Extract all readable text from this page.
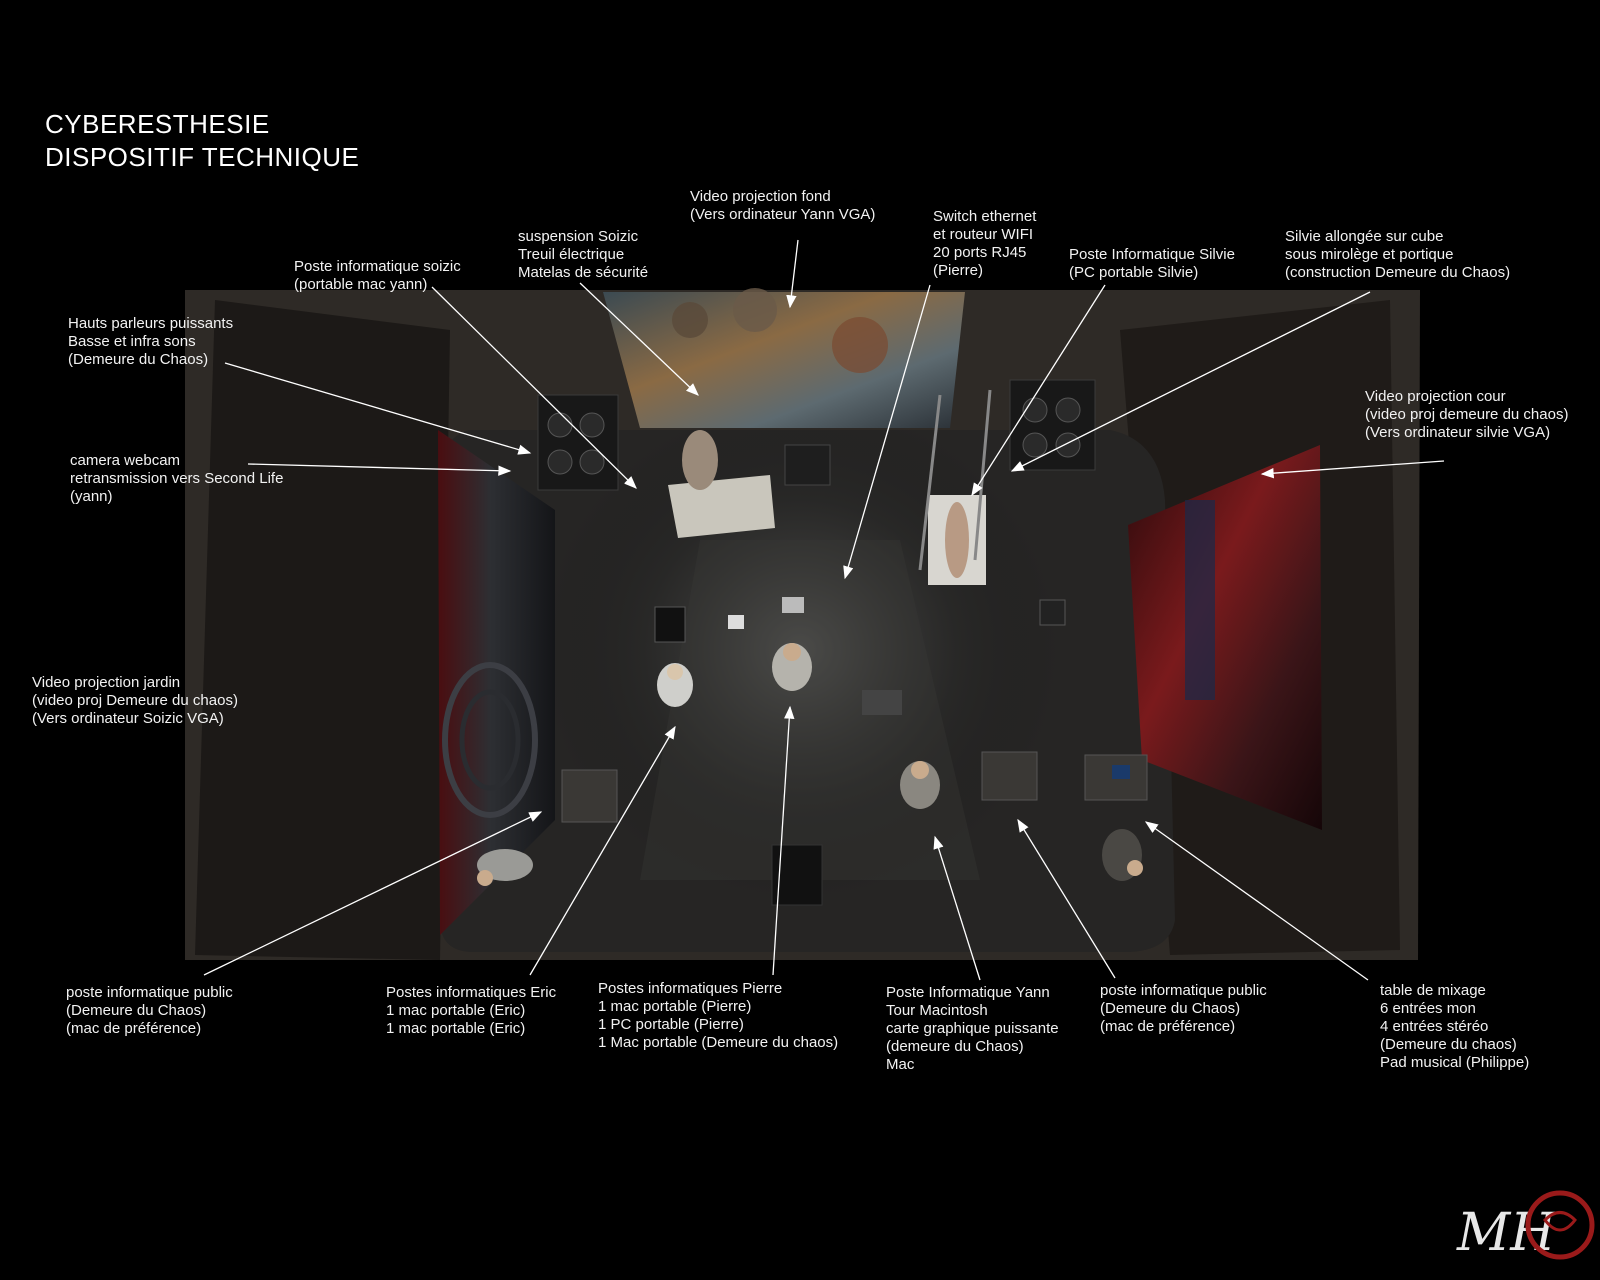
CYBERESTHESIE
DISPOSITIF TECHNIQUE
Video projection fond
(Vers ordinateur Yann VGA)
suspension Soizic
Treuil électrique
Matelas de sécurité
Poste informatique soizic
(portable mac yann)
Switch ethernet
et routeur WIFI
20 ports RJ45
(Pierre)
Poste Informatique Silvie
(PC portable Silvie)
Silvie allongée sur cube
sous mirolège et portique
(construction Demeure du Chaos)
Hauts parleurs puissants
Basse et infra sons
(Demeure du Chaos)
camera webcam
retransmission vers Second Life
(yann)
Video projection cour
(video proj demeure du chaos)
(Vers ordinateur silvie VGA)
Video projection jardin
(video proj Demeure du chaos)
(Vers ordinateur Soizic VGA)
poste informatique public
(Demeure du Chaos)
(mac de préférence)
Postes informatiques Eric
1 mac portable (Eric)
1 mac portable (Eric)
Postes informatiques Pierre
1 mac portable (Pierre)
1 PC portable (Pierre)
1 Mac portable (Demeure du chaos)
Poste Informatique Yann
Tour Macintosh
carte graphique puissante
(demeure du Chaos)
Mac
poste informatique public
(Demeure du Chaos)
(mac de préférence)
table de mixage
6 entrées mon
4 entrées stéréo
(Demeure du chaos)
Pad musical (Philippe)
MH
